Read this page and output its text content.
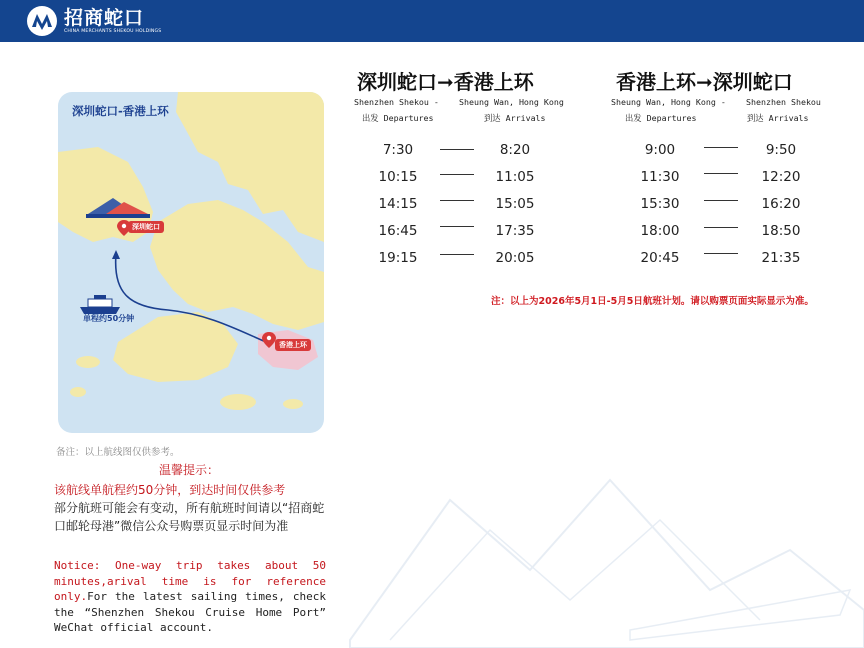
招商蛇口
CHINA MERCHANTS SHEKOU HOLDINGS
深圳蛇口-香港上环
深圳蛇口
香港上环
单程约50分钟
备注：以上航线图仅供参考。
温馨提示：
该航线单航程约50分钟，到达时间仅供参考
部分航班可能会有变动，所有航班时间请以“招商蛇口邮轮母港”微信公众号购票页显示时间为准
Notice: One-way trip takes about 50 minutes,arival time is for reference only.For the latest sailing times, check the “Shenzhen Shekou Cruise Home Port” WeChat official account.
深圳蛇口➞香港上环
Shenzhen Shekou - Sheung Wan, Hong Kong
出发 Departures	到达 Arrivals
7:30	8:20
10:15	11:05
14:15	15:05
16:45	17:35
19:15	20:05
香港上环➞深圳蛇口
Sheung Wan, Hong Kong - Shenzhen Shekou
出发 Departures	到达 Arrivals
9:00	9:50
11:30	12:20
15:30	16:20
18:00	18:50
20:45	21:35
注：以上为2026年5月1日-5月5日航班计划。请以购票页面实际显示为准。
